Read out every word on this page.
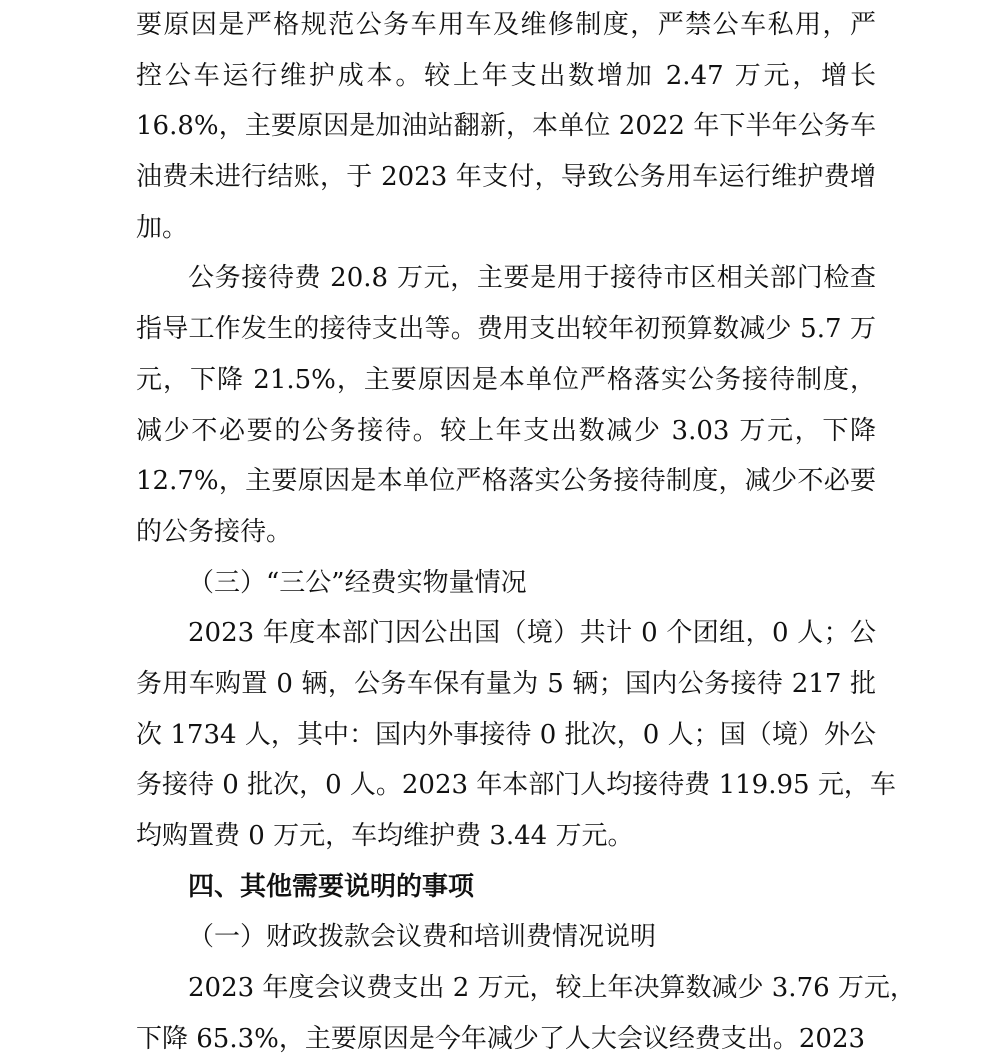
要原因是严格规范公务车用车及维修制度，严禁公车私用，严
控公车运行维护成本。较上年支出数增加 2.47 万元，增长
16.8%，主要原因是加油站翻新，本单位 2022 年下半年公务车
油费未进行结账，于 2023 年支付，导致公务用车运行维护费增
加。
公务接待费 20.8 万元，主要是用于接待市区相关部门检查
指导工作发生的接待支出等。费用支出较年初预算数减少 5.7 万
元，下降 21.5%，主要原因是本单位严格落实公务接待制度，
减少不必要的公务接待。较上年支出数减少 3.03 万元，下降
12.7%，主要原因是本单位严格落实公务接待制度，减少不必要
的公务接待。
（三）“三公”经费实物量情况
2023 年度本部门因公出国（境）共计 0 个团组，0 人；公
务用车购置 0 辆，公务车保有量为 5 辆；国内公务接待 217 批
次 1734 人，其中：国内外事接待 0 批次，0 人；国（境）外公
务接待 0 批次，0 人。2023 年本部门人均接待费 119.95 元，车
均购置费 0 万元，车均维护费 3.44 万元。
四、其他需要说明的事项
（一）财政拨款会议费和培训费情况说明
2023 年度会议费支出 2 万元，较上年决算数减少 3.76 万元，
下降 65.3%，主要原因是今年减少了人大会议经费支出。2023
